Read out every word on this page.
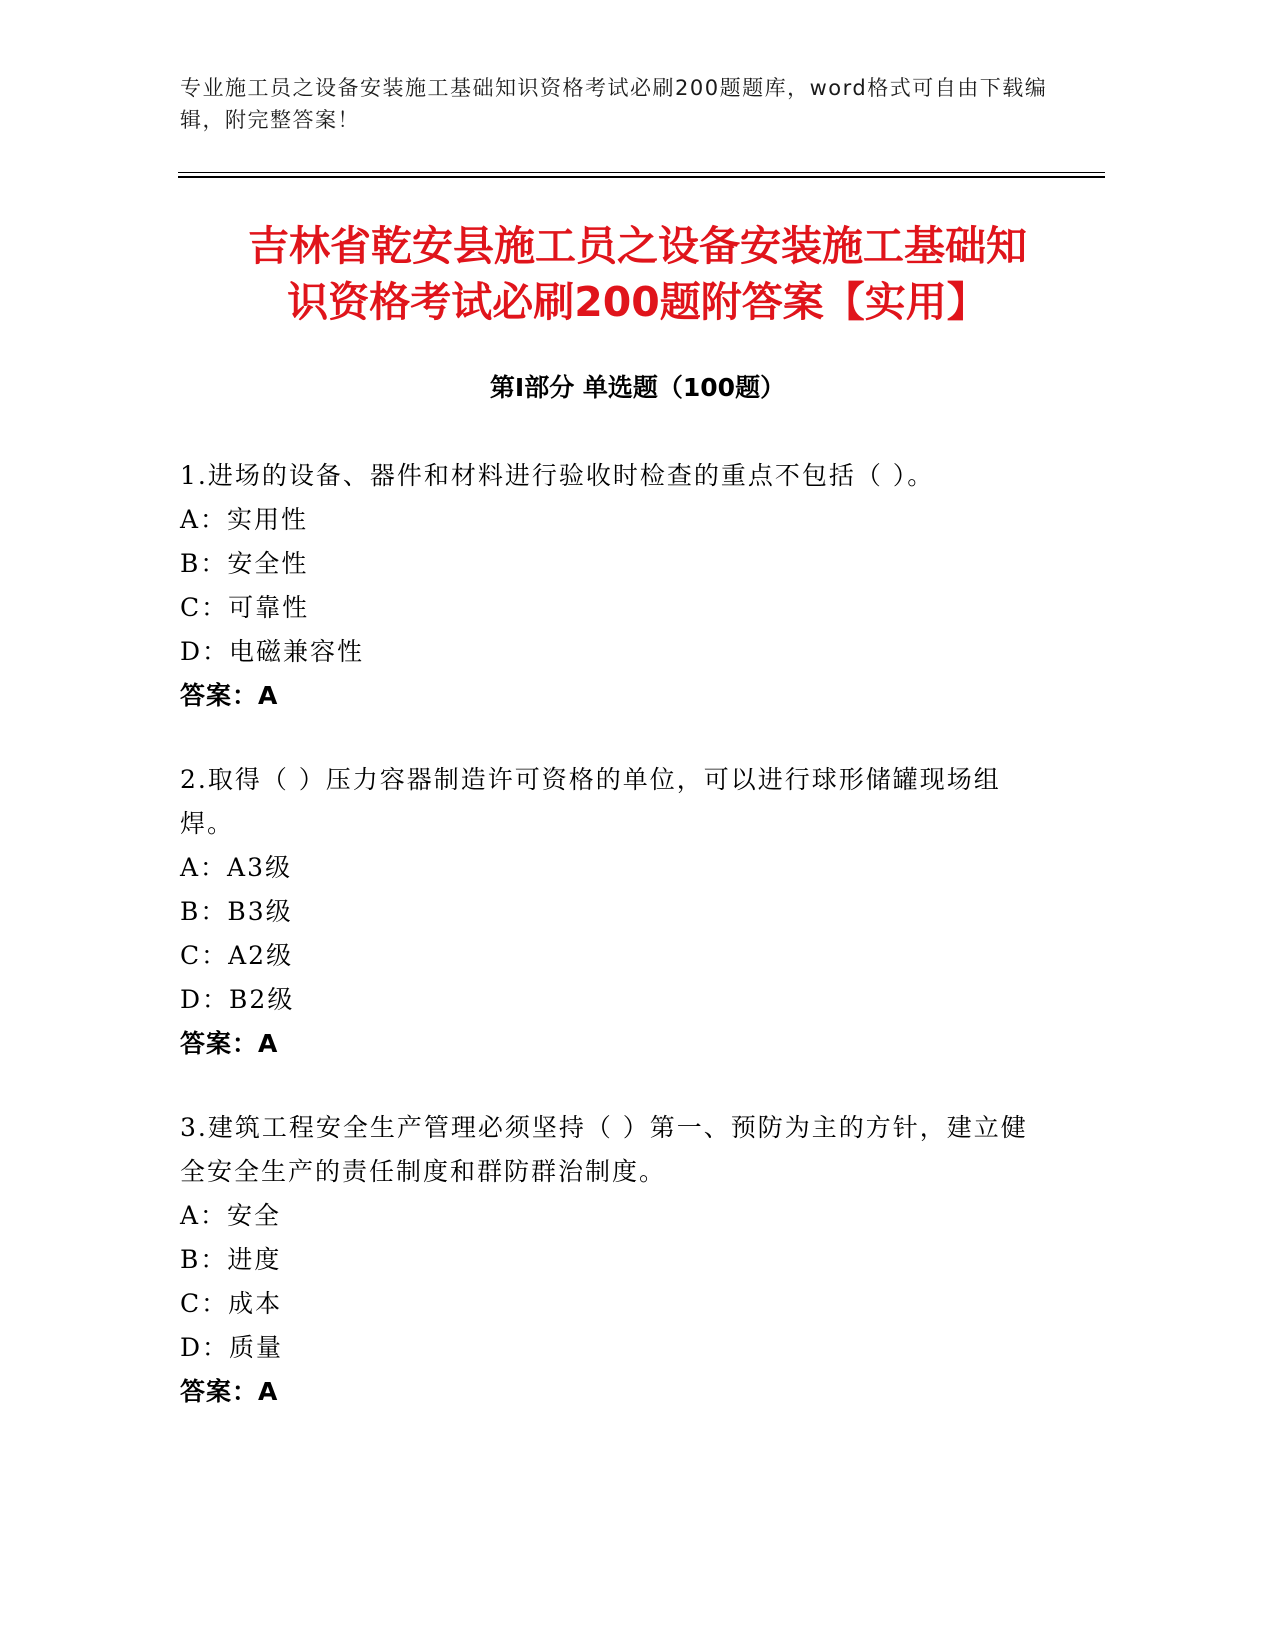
专业施工员之设备安装施工基础知识资格考试必刷200题题库，word格式可自由下载编辑，附完整答案！
吉林省乾安县施工员之设备安装施工基础知
识资格考试必刷200题附答案【实用】
第Ⅰ部分 单选题（100题）
1.进场的设备、器件和材料进行验收时检查的重点不包括（ ）。
A：实用性
B：安全性
C：可靠性
D：电磁兼容性
答案：A
2.取得（ ）压力容器制造许可资格的单位，可以进行球形储罐现场组焊。
A：A3级
B：B3级
C：A2级
D：B2级
答案：A
3.建筑工程安全生产管理必须坚持（ ）第一、预防为主的方针，建立健全安全生产的责任制度和群防群治制度。
A：安全
B：进度
C：成本
D：质量
答案：A
